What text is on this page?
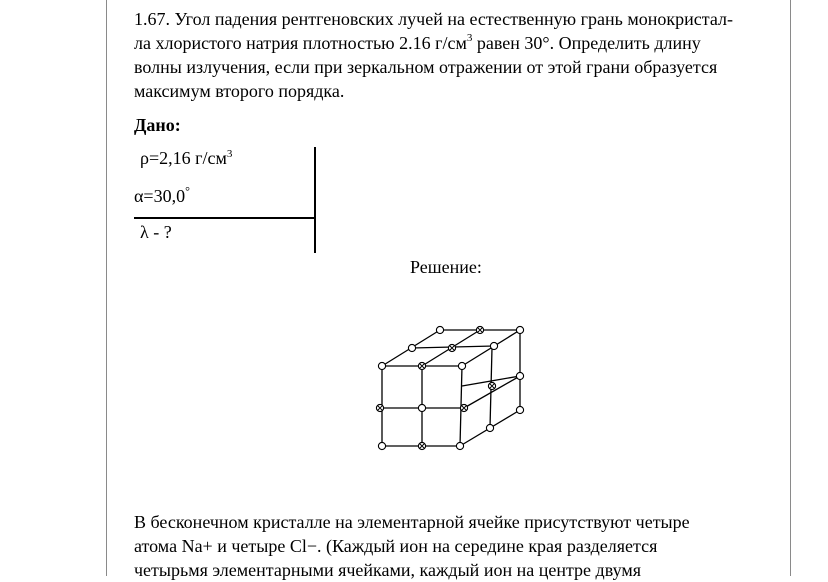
1.67. Угол падения рентгеновских лучей на естественную грань монокристал-
ла хлористого натрия плотностью 2.16 $г/см^3$ равен 30°. Определить длину
волны излучения, если при зеркальном отражении от этой грани образуется
максимум второго порядка.
Дано:
ρ=2,16 $г/см^3$
α=30,0°
λ - ?
Решение:
В бесконечном кристалле на элементарной ячейке присутствуют четыре
атома Na+ и четыре Cl−. (Каждый ион на середине края разделяется
четырьмя элементарными ячейками, каждый ион на центре двумя
